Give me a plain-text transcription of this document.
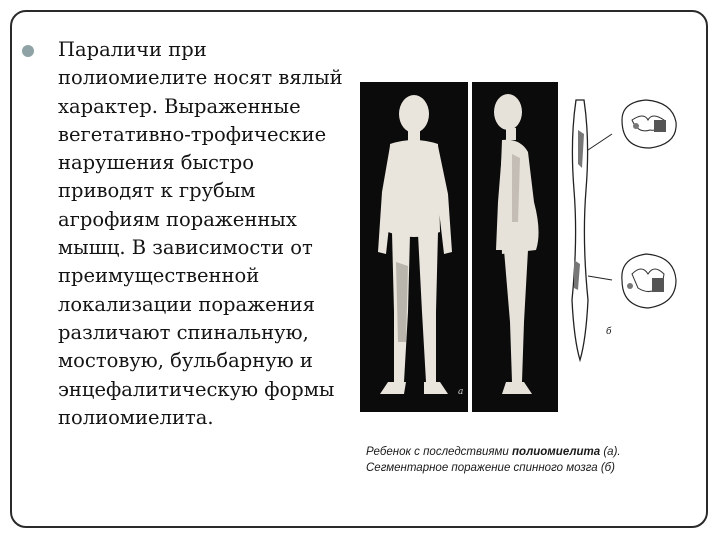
Параличи при полиомиелите носят вялый характер. Выраженные вегетативно-трофические нарушения быстро приводят к грубым агрофиям пораженных мышц. В зависимости от преимущественной локализации поражения различают спинальную, мостовую, бульбарную и энцефалитическую формы полиомиелита.
a
б
Ребенок с последствиями полиомиелита (а).
Сегментарное поражение спинного мозга (б)
